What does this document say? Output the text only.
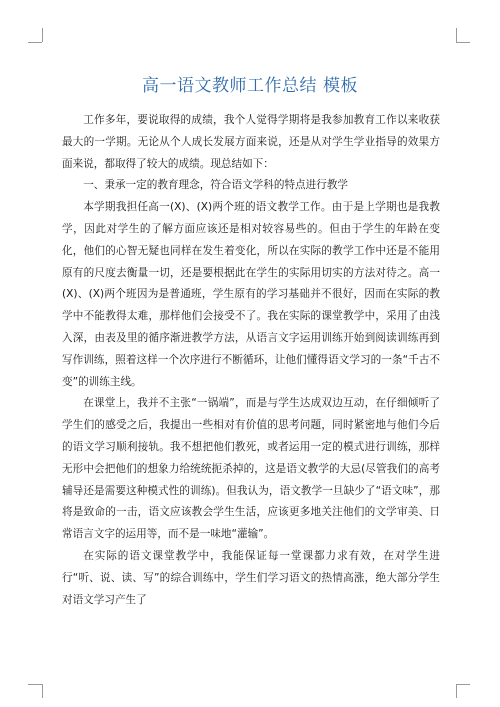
高一语文教师工作总结 模板

工作多年，要说取得的成绩，我个人觉得学期将是我参加教育工作以来收获最大的一学期。无论从个人成长发展方面来说，还是从对学生学业指导的效果方面来说，都取得了较大的成绩。现总结如下：

一、秉承一定的教育理念，符合语文学科的特点进行教学

本学期我担任高一(X)、(X)两个班的语文教学工作。由于是上学期也是我教学，因此对学生的了解方面应该还是相对较容易些的。但由于学生的年龄在变化，他们的心智无疑也同样在发生着变化，所以在实际的教学工作中还是不能用原有的尺度去衡量一切，还是要根据此在学生的实际用切实的方法对待之。高一(X)、(X)两个班因为是普通班，学生原有的学习基础并不很好，因而在实际的教学中不能教得太难，那样他们会接受不了。我在实际的课堂教学中，采用了由浅入深，由表及里的循序渐进教学方法，从语言文字运用训练开始到阅读训练再到写作训练，照着这样一个次序进行不断循环，让他们懂得语文学习的一条“千古不变”的训练主线。

在课堂上，我并不主张“一锅端”，而是与学生达成双边互动，在仔细倾听了学生们的感受之后，我提出一些相对有价值的思考问题，同时紧密地与他们今后的语文学习顺利接轨。我不想把他们教死，或者运用一定的模式进行训练，那样无形中会把他们的想象力给统统扼杀掉的，这是语文教学的大忌(尽管我们的高考辅导还是需要这种模式性的训练)。但我认为，语文教学一旦缺少了“语文味”，那将是致命的一击，语文应该教会学生生活，应该更多地关注他们的文学审美、日常语言文字的运用等，而不是一味地“灌输”。

在实际的语文课堂教学中，我能保证每一堂课都力求有效，在对学生进行“听、说、读、写”的综合训练中，学生们学习语文的热情高涨，绝大部分学生对语文学习产生了
